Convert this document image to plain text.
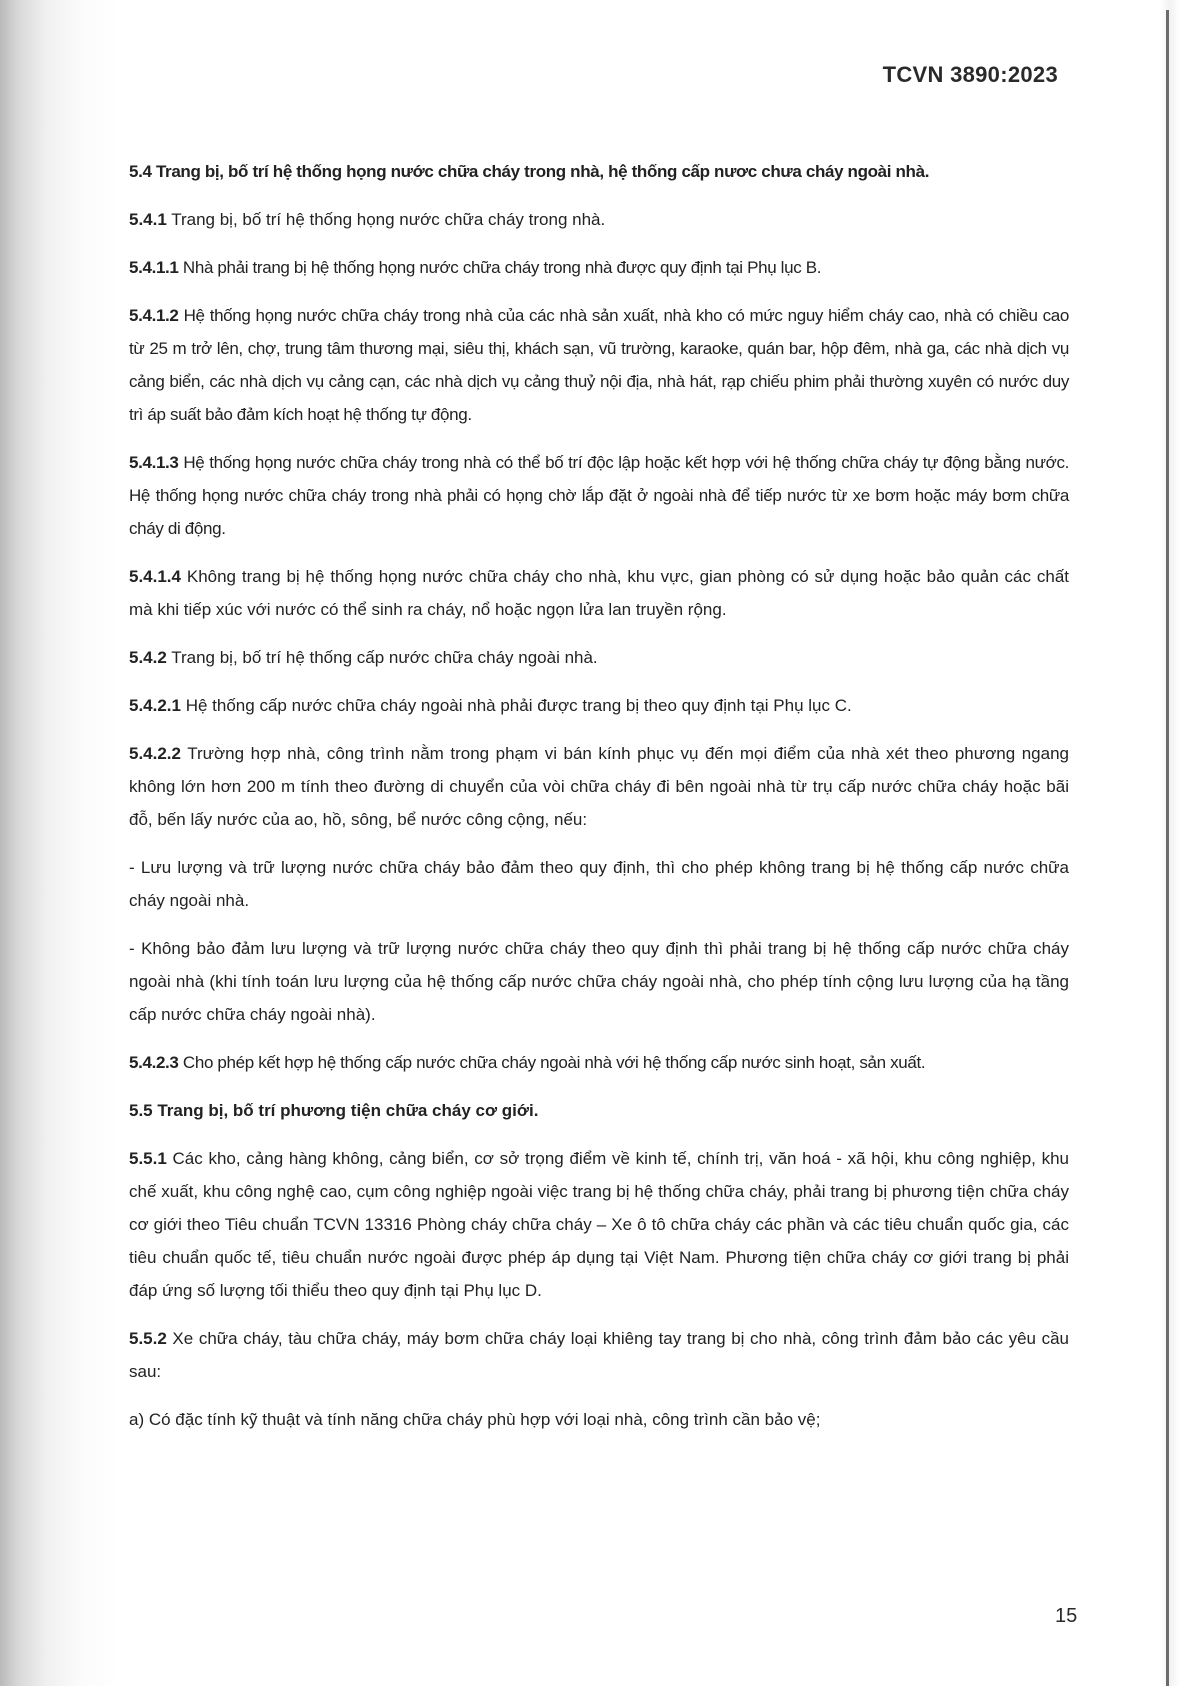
TCVN 3890:2023

5.4 Trang bị, bố trí hệ thống họng nước chữa cháy trong nhà, hệ thống cấp nươc chưa cháy ngoài nhà.

5.4.1 Trang bị, bố trí hệ thống họng nước chữa cháy trong nhà.

5.4.1.1 Nhà phải trang bị hệ thống họng nước chữa cháy trong nhà được quy định tại Phụ lục B.

5.4.1.2 Hệ thống họng nước chữa cháy trong nhà của các nhà sản xuất, nhà kho có mức nguy hiểm cháy cao, nhà có chiều cao từ 25 m trở lên, chợ, trung tâm thương mại, siêu thị, khách sạn, vũ trường, karaoke, quán bar, hộp đêm, nhà ga, các nhà dịch vụ cảng biển, các nhà dịch vụ cảng cạn, các nhà dịch vụ cảng thuỷ nội địa, nhà hát, rạp chiếu phim phải thường xuyên có nước duy trì áp suất bảo đảm kích hoạt hệ thống tự động.

5.4.1.3 Hệ thống họng nước chữa cháy trong nhà có thể bố trí độc lập hoặc kết hợp với hệ thống chữa cháy tự động bằng nước. Hệ thống họng nước chữa cháy trong nhà phải có họng chờ lắp đặt ở ngoài nhà để tiếp nước từ xe bơm hoặc máy bơm chữa cháy di động.

5.4.1.4 Không trang bị hệ thống họng nước chữa cháy cho nhà, khu vực, gian phòng có sử dụng hoặc bảo quản các chất mà khi tiếp xúc với nước có thể sinh ra cháy, nổ hoặc ngọn lửa lan truyền rộng.

5.4.2 Trang bị, bố trí hệ thống cấp nước chữa cháy ngoài nhà.

5.4.2.1 Hệ thống cấp nước chữa cháy ngoài nhà phải được trang bị theo quy định tại Phụ lục C.

5.4.2.2 Trường hợp nhà, công trình nằm trong phạm vi bán kính phục vụ đến mọi điểm của nhà xét theo phương ngang không lớn hơn 200 m tính theo đường di chuyển của vòi chữa cháy đi bên ngoài nhà từ trụ cấp nước chữa cháy hoặc bãi đỗ, bến lấy nước của ao, hồ, sông, bể nước công cộng, nếu:

- Lưu lượng và trữ lượng nước chữa cháy bảo đảm theo quy định, thì cho phép không trang bị hệ thống cấp nước chữa cháy ngoài nhà.

- Không bảo đảm lưu lượng và trữ lượng nước chữa cháy theo quy định thì phải trang bị hệ thống cấp nước chữa cháy ngoài nhà (khi tính toán lưu lượng của hệ thống cấp nước chữa cháy ngoài nhà, cho phép tính cộng lưu lượng của hạ tầng cấp nước chữa cháy ngoài nhà).

5.4.2.3 Cho phép kết hợp hệ thống cấp nước chữa cháy ngoài nhà với hệ thống cấp nước sinh hoạt, sản xuất.

5.5 Trang bị, bố trí phương tiện chữa cháy cơ giới.

5.5.1 Các kho, cảng hàng không, cảng biển, cơ sở trọng điểm về kinh tế, chính trị, văn hoá - xã hội, khu công nghiệp, khu chế xuất, khu công nghệ cao, cụm công nghiệp ngoài việc trang bị hệ thống chữa cháy, phải trang bị phương tiện chữa cháy cơ giới theo Tiêu chuẩn TCVN 13316 Phòng cháy chữa cháy – Xe ô tô chữa cháy các phần và các tiêu chuẩn quốc gia, các tiêu chuẩn quốc tế, tiêu chuẩn nước ngoài được phép áp dụng tại Việt Nam. Phương tiện chữa cháy cơ giới trang bị phải đáp ứng số lượng tối thiểu theo quy định tại Phụ lục D.

5.5.2 Xe chữa cháy, tàu chữa cháy, máy bơm chữa cháy loại khiêng tay trang bị cho nhà, công trình đảm bảo các yêu cầu sau:

a) Có đặc tính kỹ thuật và tính năng chữa cháy phù hợp với loại nhà, công trình cần bảo vệ;

15
